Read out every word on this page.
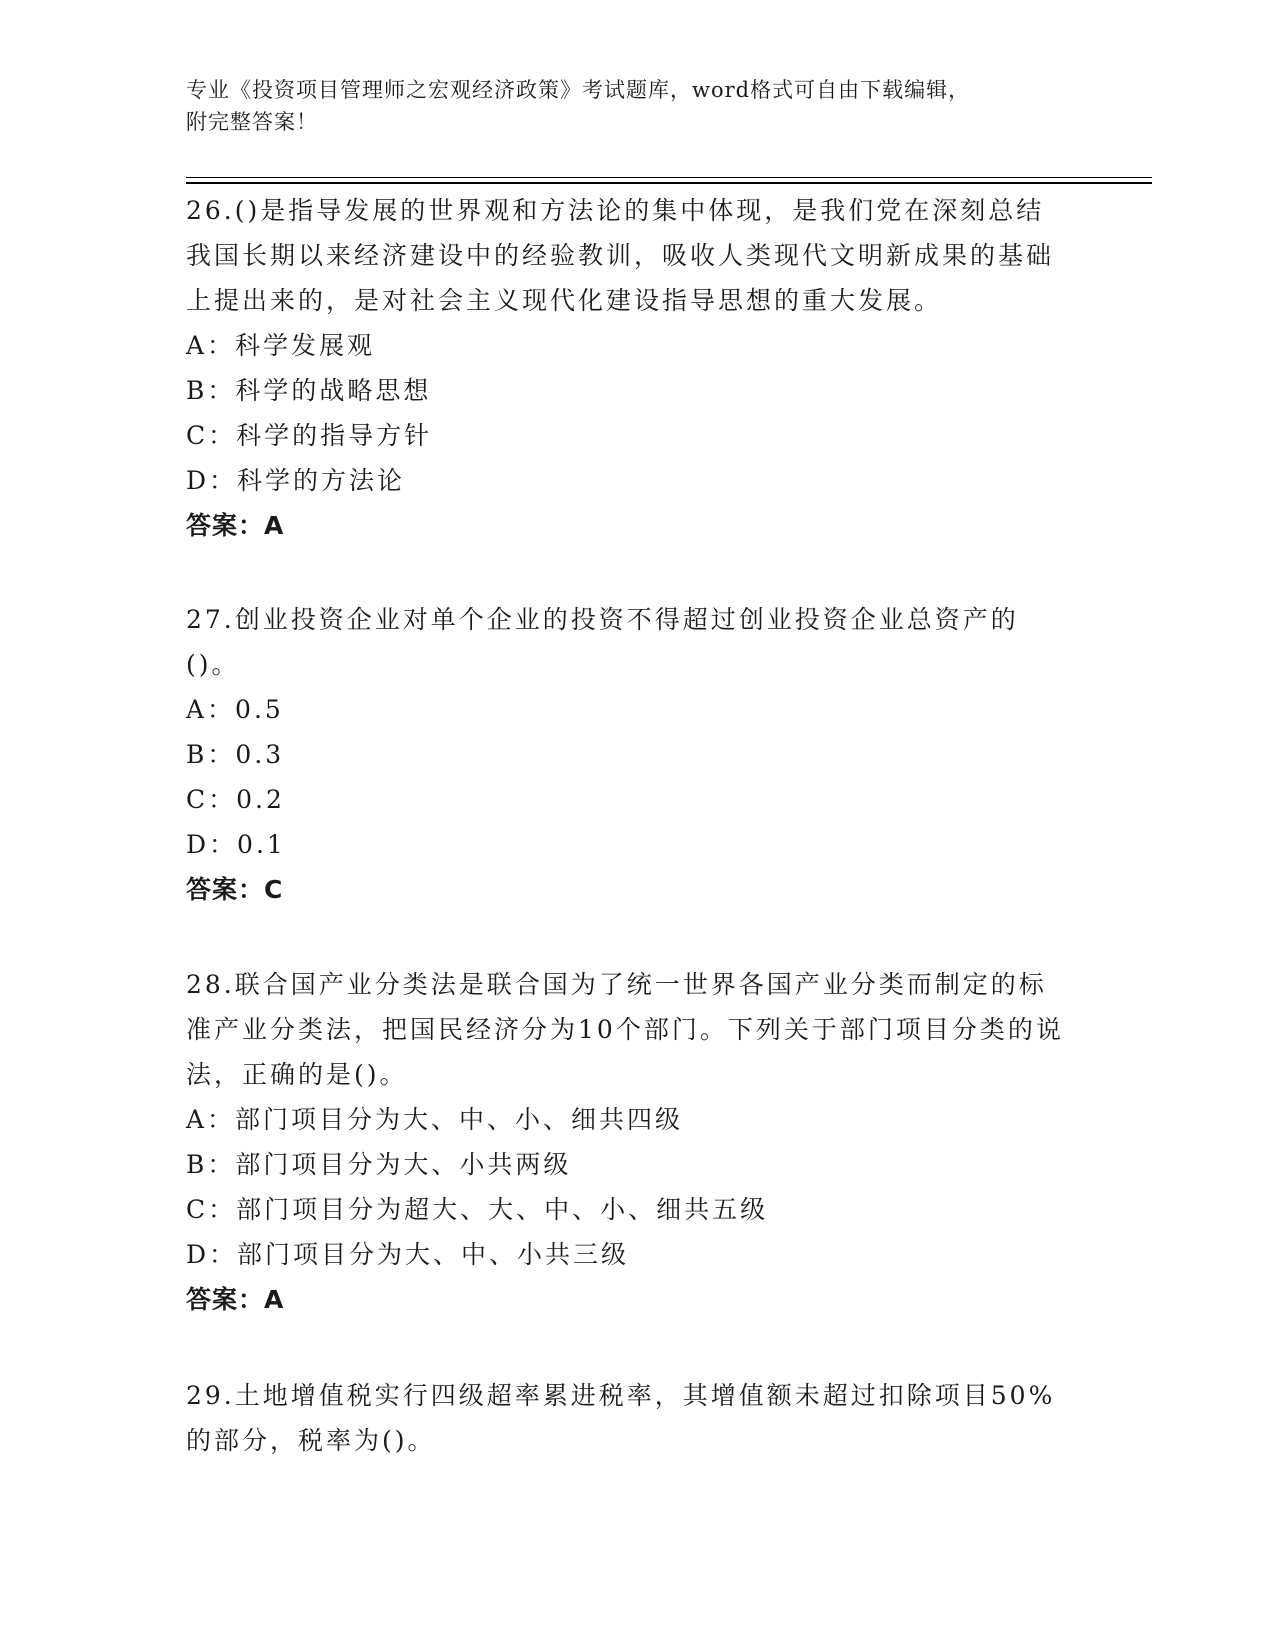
专业《投资项目管理师之宏观经济政策》考试题库，word格式可自由下载编辑，

附完整答案！

26.()是指导发展的世界观和方法论的集中体现，是我们党在深刻总结我国长期以来经济建设中的经验教训，吸收人类现代文明新成果的基础上提出来的，是对社会主义现代化建设指导思想的重大发展。

A：科学发展观

B：科学的战略思想

C：科学的指导方针

D：科学的方法论

答案：A

27.创业投资企业对单个企业的投资不得超过创业投资企业总资产的()。

A：0.5

B：0.3

C：0.2

D：0.1

答案：C

28.联合国产业分类法是联合国为了统一世界各国产业分类而制定的标准产业分类法，把国民经济分为10个部门。下列关于部门项目分类的说法，正确的是()。

A：部门项目分为大、中、小、细共四级

B：部门项目分为大、小共两级

C：部门项目分为超大、大、中、小、细共五级

D：部门项目分为大、中、小共三级

答案：A

29.土地增值税实行四级超率累进税率，其增值额未超过扣除项目50%的部分，税率为()。
